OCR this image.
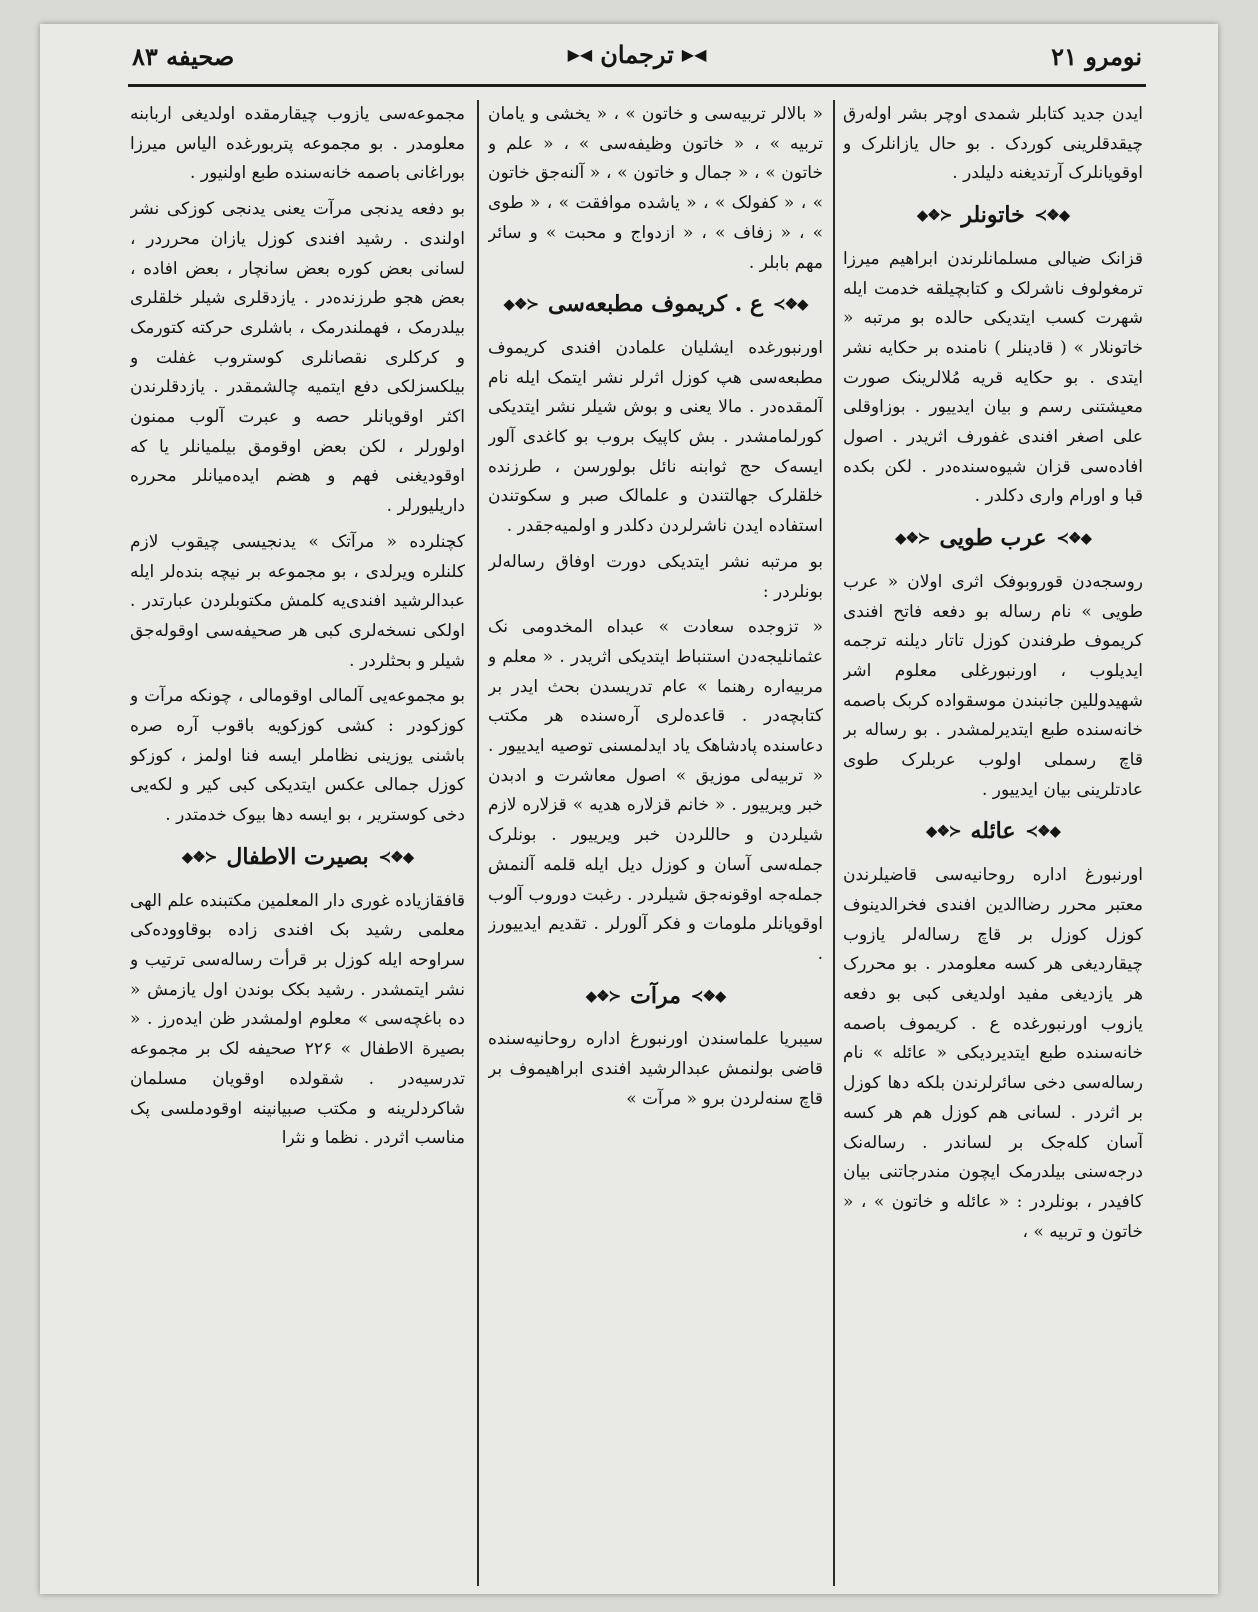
نومرو ۲۱
◀▶
ترجمان
◀▶
صحیفه ۸۳

ایدن جدید کتابلر شمدی اوچر بشر اوله‌رق چیقدقلرینی کوردک . بو حال یازانلرک و اوقویانلرک آرتدیغنه دلیلدر .

◆❖≻
خاتونلر
≺❖◆

قزانک ضیالی مسلمانلرندن ابراهیم میرزا ترمغولوف ناشرلک و کتابچیلقه خدمت ایله شهرت کسب ایتدیکی حالده بو مرتبه « خاتونلار » ( قادینلر ) نامنده بر حکایه نشر ایتدی . بو حکایه قریه مُلالرینک صورت معیشتنی رسم و بیان ایدییور . بوزاوقلی علی اصغر افندی غفورف اثریدر . اصول افاده‌سی قزان شیوه‌سنده‌در . لکن بکده قبا و اورام واری دکلدر .

◆❖≻
عرب طویی
≺❖◆

روسجه‌دن قوروبوفک اثری اولان « عرب طویی » نام رساله بو دفعه فاتح افندی کریموف طرفندن کوزل تاتار دیلنه ترجمه ایدیلوب ، اورنبورغلی معلوم اشر شهیدوللین جانبندن موسقواده کربک باصمه خانه‌سنده طبع ایتدیرلمشدر . بو رساله بر قاچ رسملی اولوب عربلرک طوی عادتلرینی بیان ایدییور .

◆❖≻
عائله
≺❖◆

اورنبورغ اداره روحانیه‌سی قاضیلرندن معتبر محرر رضاالدین افندی فخرالدینوف کوزل کوزل بر قاچ رساله‌لر یازوب چیقاردیغی هر کسه معلومدر . بو محررک هر یازدیغی مفید اولدیغی کبی بو دفعه یازوب اورنبورغده ع . کریموف باصمه خانه‌سنده طبع ایتدیردیکی « عائله » نام رساله‌سی دخی سائرلرندن بلکه دها کوزل بر اثردر . لسانی هم کوزل هم هر کسه آسان کله‌جک بر لساندر . رساله‌نک درجه‌سنی بیلدرمک ایچون مندرجاتنی بیان کافیدر ، بونلردر : « عائله و خاتون » ، « خاتون و تربیه » ،

« بالالر تربیه‌سی و خاتون » ، « یخشی و یامان تربیه » ، « خاتون وظیفه‌سی » ، « علم و خاتون » ، « جمال و خاتون » ، « آلنه‌جق خاتون » ، « کفولک » ، « یاشده موافقت » ، « طوی » ، « زفاف » ، « ازدواج و محبت » و سائر مهم بابلر .

◆❖≻
ع . کریموف مطبعه‌سی
≺❖◆

اورنبورغده ایشلیان علمادن افندی کریموف مطبعه‌سی هپ کوزل اثرلر نشر ایتمک ایله نام آلمقده‌در . مالا یعنی و بوش شیلر نشر ایتدیکی کورلمامشدر . بش کاپیک بروب بو کاغدی آلور ایسه‌ک حج ثوابنه نائل بولورسن ، طرزنده خلقلرک جهالتندن و علمالک صبر و سکوتندن استفاده ایدن ناشرلردن دکلدر و اولمیه‌جقدر .

بو مرتبه نشر ایتدیکی دورت اوفاق رساله‌لر بونلردر :

« تزوجده سعادت » عبداه المخدومی نک عثمانلیجه‌دن استنباط ایتدیکی اثریدر . « معلم و مربیه‌اره رهنما » عام تدریسدن بحث ایدر بر کتابچه‌در . قاعده‌لری آره‌سنده هر مکتب دعاسنده پادشاهک یاد ایدلمسنی توصیه ایدییور . « تربیه‌لی موزیق » اصول معاشرت و ادبدن خبر ویرییور . « خانم قزلاره هدیه » قزلاره لازم شیلردن و حاللردن خبر ویرییور . بونلرک جمله‌سی آسان و کوزل دیل ایله قلمه آلنمش جمله‌جه اوقونه‌جق شیلردر . رغبت دوروب آلوب اوقویانلر ملومات و فکر آلورلر . تقدیم ایدییورز .

◆❖≻
مرآت
≺❖◆

سیبریا علماسندن اورنبورغ اداره روحانیه‌سنده قاضی بولنمش عبدالرشید افندی ابراهیموف بر قاچ سنه‌لردن برو « مرآت »

مجموعه‌سی یازوب چیقارمقده اولدیغی اربابنه معلومدر . بو مجموعه پتربورغده الیاس میرزا بوراغانی باصمه خانه‌سنده طبع اولنیور .

بو دفعه یدنجی مرآت یعنی یدنجی کوزکی نشر اولندی . رشید افندی کوزل یازان محرردر ، لسانی بعض کوره بعض سانچار ، بعض افاده ، بعض هجو طرزنده‌در . یازدقلری شیلر خلقلری بیلدرمک ، فهملندرمک ، باشلری حرکته کتورمک و کرکلری نقصانلری کوستروب غفلت و بیلکسزلکی دفع ایتمیه چالشمقدر . یازدقلرندن اکثر اوقویانلر حصه و عبرت آلوب ممنون اولورلر ، لکن بعض اوقومق بیلمیانلر یا که اوقودیغنی فهم و هضم ایده‌میانلر محرره داریلیورلر .

کچنلرده « مرآتک » یدنجیسی چیقوب لازم کلنلره ویرلدی ، بو مجموعه بر نیچه بنده‌لر ایله عبدالرشید افندی‌یه کلمش مکتوبلردن عبارتدر . اولکی نسخه‌لری کبی هر صحیفه‌سی اوقوله‌جق شیلر و بحثلردر .

بو مجموعه‌یی آلمالی اوقومالی ، چونکه مرآت و کوزکودر : کشی کوزکویه باقوب آره صره باشنی یوزینی نظاملر ایسه فنا اولمز ، کوزکو کوزل جمالی عکس ایتدیکی کبی کیر و لکه‌یی دخی کوستریر ، بو ایسه دها بیوک خدمتدر .

◆❖≻
بصیرت الاطفال
≺❖◆

قافقازیاده غوری دار المعلمین مکتبنده علم الهی معلمی رشید بک افندی زاده بوقاووده‌کی سراوحه ایله کوزل بر قرأت رساله‌سی ترتیب و نشر ایتمشدر . رشید بکک بوندن اول یازمش « ده باغچه‌سی » معلوم اولمشدر ظن ایده‌رز . « بصیرة الاطفال » ۲۲۶ صحیفه لک بر مجموعه تدرسیه‌در . شقولده اوقویان مسلمان شاکردلرینه و مکتب صبیانینه اوقودملسی پک مناسب اثردر . نظما و نثرا
